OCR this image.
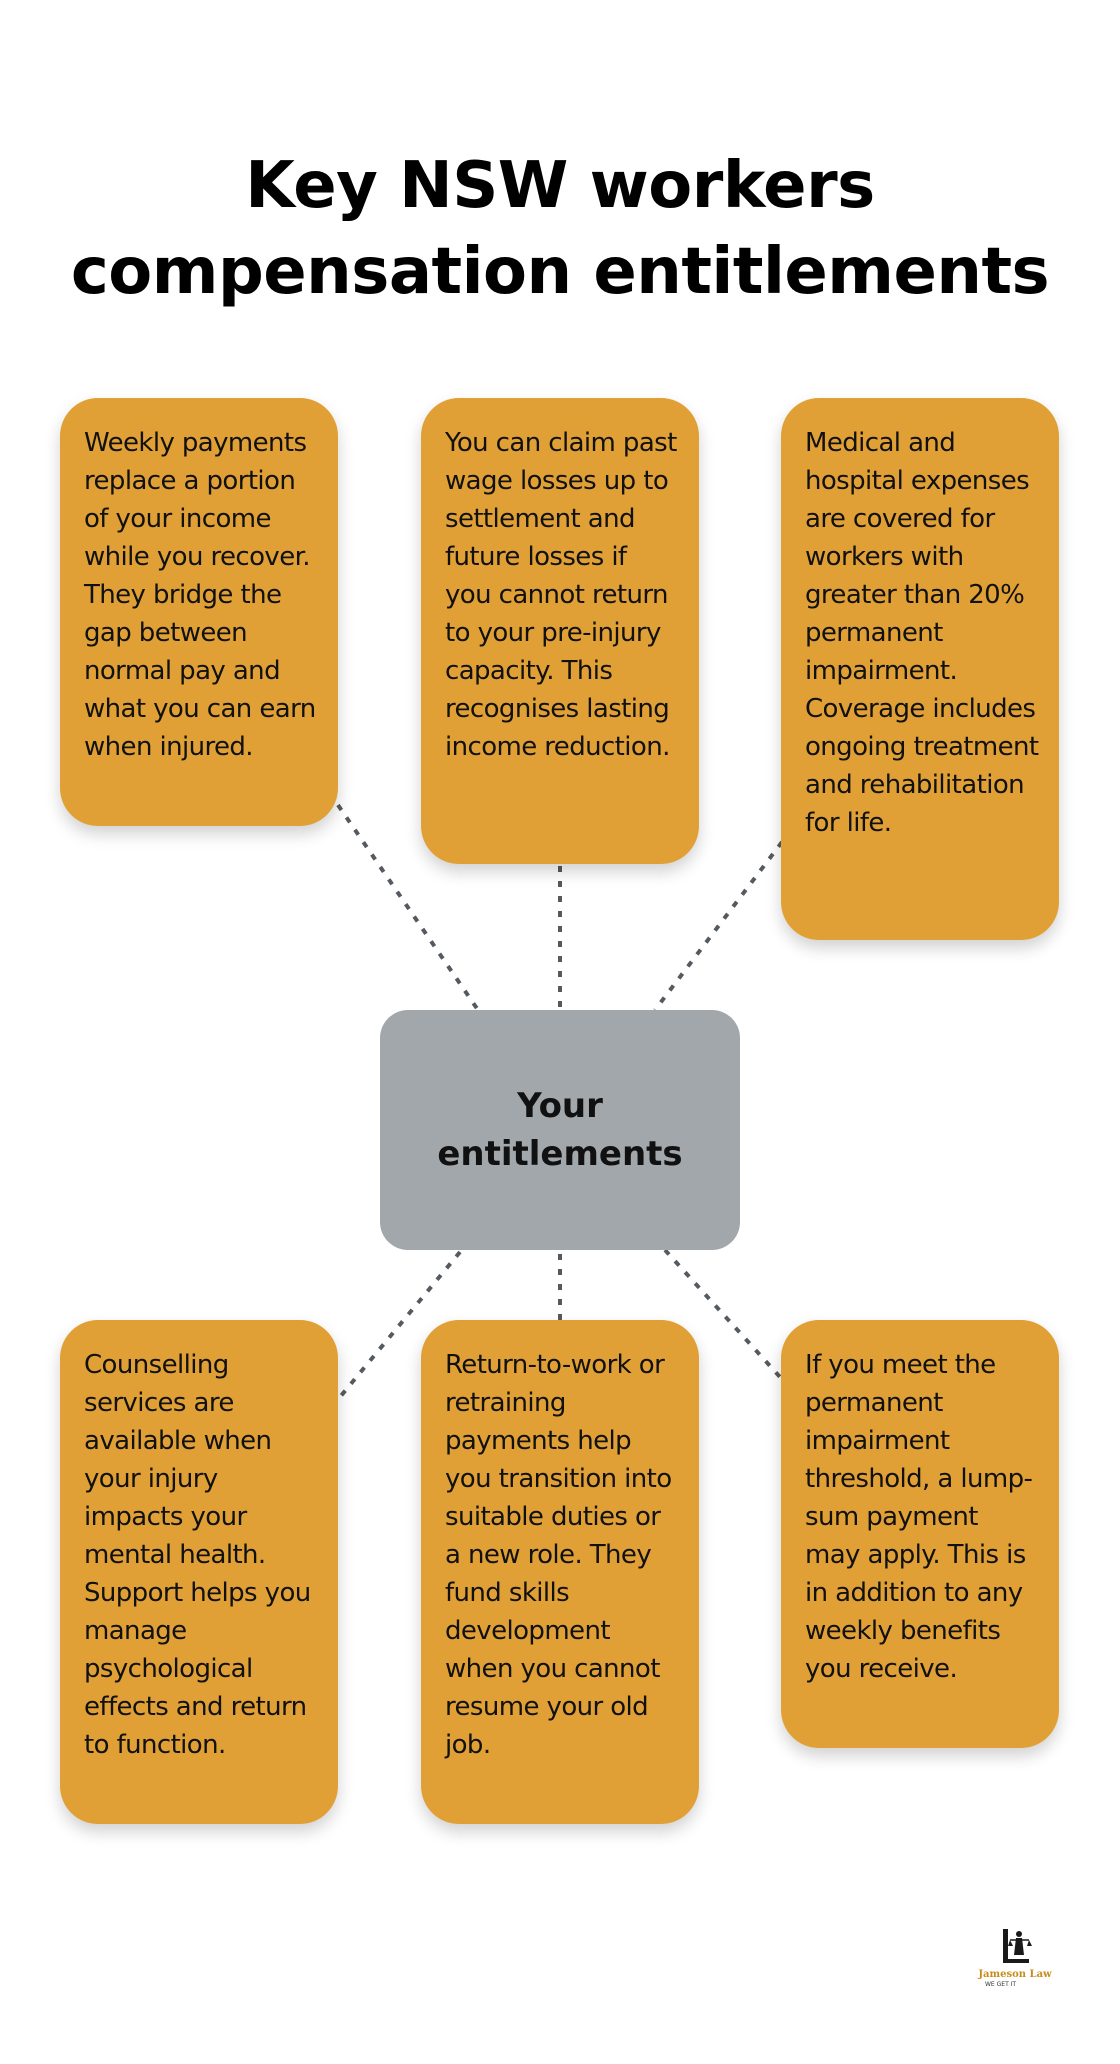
Key NSW workers
compensation entitlements
Weekly payments replace a portion of your income while you recover. They bridge the gap between normal pay and what you can earn when injured.
You can claim past wage losses up to settlement and future losses if you cannot return to your pre-injury capacity. This recognises lasting income reduction.
Medical and hospital expenses are covered for workers with greater than 20% permanent impairment. Coverage includes ongoing treatment and rehabilitation for life.
Your entitlements
Counselling services are available when your injury impacts your mental health. Support helps you manage psychological effects and return to function.
Return-to-work or retraining payments help you transition into suitable duties or a new role. They fund skills development when you cannot resume your old job.
If you meet the permanent impairment threshold, a lump-sum payment may apply. This is in addition to any weekly benefits you receive.
Jameson Law
WE GET IT
